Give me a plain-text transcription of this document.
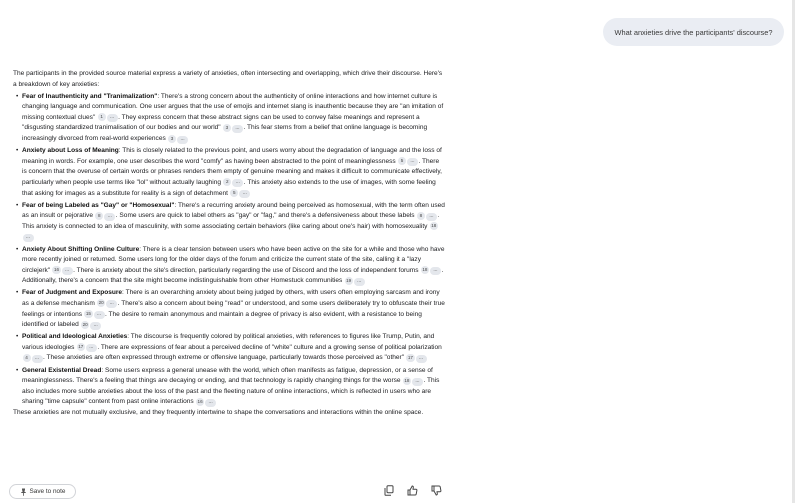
What anxieties drive the participants' discourse?

The participants in the provided source material express a variety of anxieties, often intersecting and overlapping, which drive their discourse. Here's a breakdown of key anxieties:

• Fear of Inauthenticity and "Tranimalization": There's a strong concern about the authenticity of online interactions and how internet culture is changing language and communication. One user argues that the use of emojis and internet slang is inauthentic because they are "an imitation of missing contextual clues" 1 ... . They express concern that these abstract signs can be used to convey false meanings and represent a "disgusting standardized tranimalisation of our bodies and our world" 3 ... . This fear stems from a belief that online language is becoming increasingly divorced from real-world experiences 3 ...
• Anxiety about Loss of Meaning: This is closely related to the previous point, and users worry about the degradation of language and the loss of meaning in words. For example, one user describes the word "comfy" as having been abstracted to the point of meaninglessness 5 ... . There is concern that the overuse of certain words or phrases renders them empty of genuine meaning and makes it difficult to communicate effectively, particularly when people use terms like "lol" without actually laughing 2 ... . This anxiety also extends to the use of images, with some feeling that asking for images as a substitute for reality is a sign of detachment 5 ...
• Fear of being Labeled as "Gay" or "Homosexual": There's a recurring anxiety around being perceived as homosexual, with the term often used as an insult or pejorative 8 ... . Some users are quick to label others as "gay" or "fag," and there's a defensiveness about these labels 8 ... . This anxiety is connected to an idea of masculinity, with some associating certain behaviors (like caring about one's hair) with homosexuality 18...
• Anxiety About Shifting Online Culture: There is a clear tension between users who have been active on the site for a while and those who have more recently joined or returned. Some users long for the older days of the forum and criticize the current state of the site, calling it a "lazy circlejerk" 16 ... . There is anxiety about the site's direction, particularly regarding the use of Discord and the loss of independent forums 18 ... . Additionally, there's a concern that the site might become indistinguishable from other Homestuck communities 19 ...
• Fear of Judgment and Exposure: There is an overarching anxiety about being judged by others, with users often employing sarcasm and irony as a defense mechanism 20 ... . There's also a concern about being "read" or understood, and some users deliberately try to obfuscate their true feelings or intentions 15 ... . The desire to remain anonymous and maintain a degree of privacy is also evident, with a resistance to being identified or labeled 20 ...
• Political and Ideological Anxieties: The discourse is frequently colored by political anxieties, with references to figures like Trump, Putin, and various ideologies 17 ... . There are expressions of fear about a perceived decline of "white" culture and a growing sense of political polarization 4 ... . These anxieties are often expressed through extreme or offensive language, particularly towards those perceived as "other" 17 ...
• General Existential Dread: Some users express a general unease with the world, which often manifests as fatigue, depression, or a sense of meaninglessness. There's a feeling that things are decaying or ending, and that technology is rapidly changing things for the worse 18 ... . This also includes more subtle anxieties about the loss of the past and the fleeting nature of online interactions, which is reflected in users who are sharing "time capsule" content from past online interactions 16 ...

These anxieties are not mutually exclusive, and they frequently intertwine to shape the conversations and interactions within the online space.

Save to note
